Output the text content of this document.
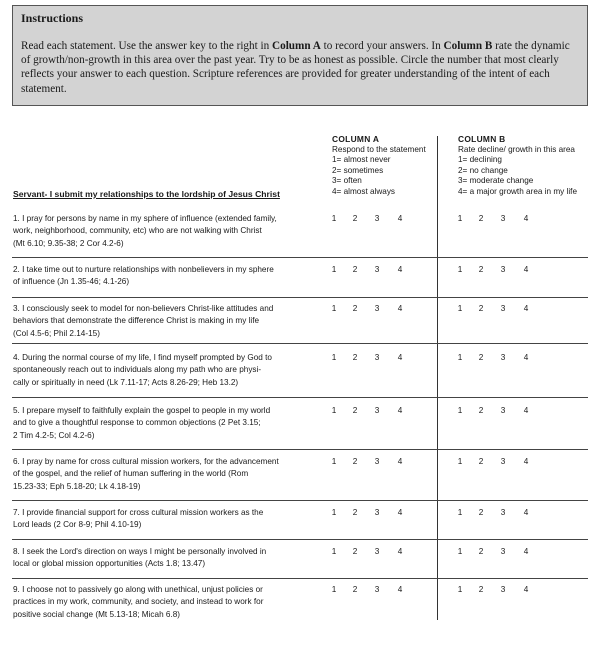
Instructions
Read each statement. Use the answer key to the right in Column A to record your answers. In Column B rate the dynamic of growth/non-growth in this area over the past year. Try to be as honest as possible. Circle the number that most clearly reflects your answer to each question. Scripture references are provided for greater understanding of the intent of each statement.
COLUMN A
Respond to the statement
1= almost never
2= sometimes
3= often
4= almost always
COLUMN B
Rate decline/ growth in this area
1= declining
2= no change
3= moderate change
4= a major growth area in my life
Servant- I submit my relationships to the lordship of Jesus Christ
1. I pray for persons by name in my sphere of influence (extended family,
work, neighborhood, community, etc) who are not walking with Christ
(Mt 6.10; 9.35-38; 2 Cor 4.2-6)
1 2 3 4	1 2 3 4
2. I take time out to nurture relationships with nonbelievers in my sphere
of influence (Jn 1.35-46; 4.1-26)
1 2 3 4	1 2 3 4
3. I consciously seek to model for non-believers Christ-like attitudes and
behaviors that demonstrate the difference Christ is making in my life
(Col 4.5-6; Phil 2.14-15)
1 2 3 4	1 2 3 4
4. During the normal course of my life, I find myself prompted by God to
spontaneously reach out to individuals along my path who are physi-
cally or spiritually in need (Lk 7.11-17; Acts 8.26-29; Heb 13.2)
1 2 3 4	1 2 3 4
5. I prepare myself to faithfully explain the gospel to people in my world
and to give a thoughtful response to common objections (2 Pet 3.15;
2 Tim 4.2-5; Col 4.2-6)
1 2 3 4	1 2 3 4
6. I pray by name for cross cultural mission workers, for the advancement
of the gospel, and the relief of human suffering in the world (Rom
15.23-33; Eph 5.18-20; Lk 4.18-19)
1 2 3 4	1 2 3 4
7. I provide financial support for cross cultural mission workers as the
Lord leads (2 Cor 8-9; Phil 4.10-19)
1 2 3 4	1 2 3 4
8. I seek the Lord's direction on ways I might be personally involved in
local or global mission opportunities (Acts 1.8; 13.47)
1 2 3 4	1 2 3 4
9. I choose not to passively go along with unethical, unjust policies or
practices in my work, community, and society, and instead to work for
positive social change (Mt 5.13-18; Micah 6.8)
1 2 3 4	1 2 3 4
